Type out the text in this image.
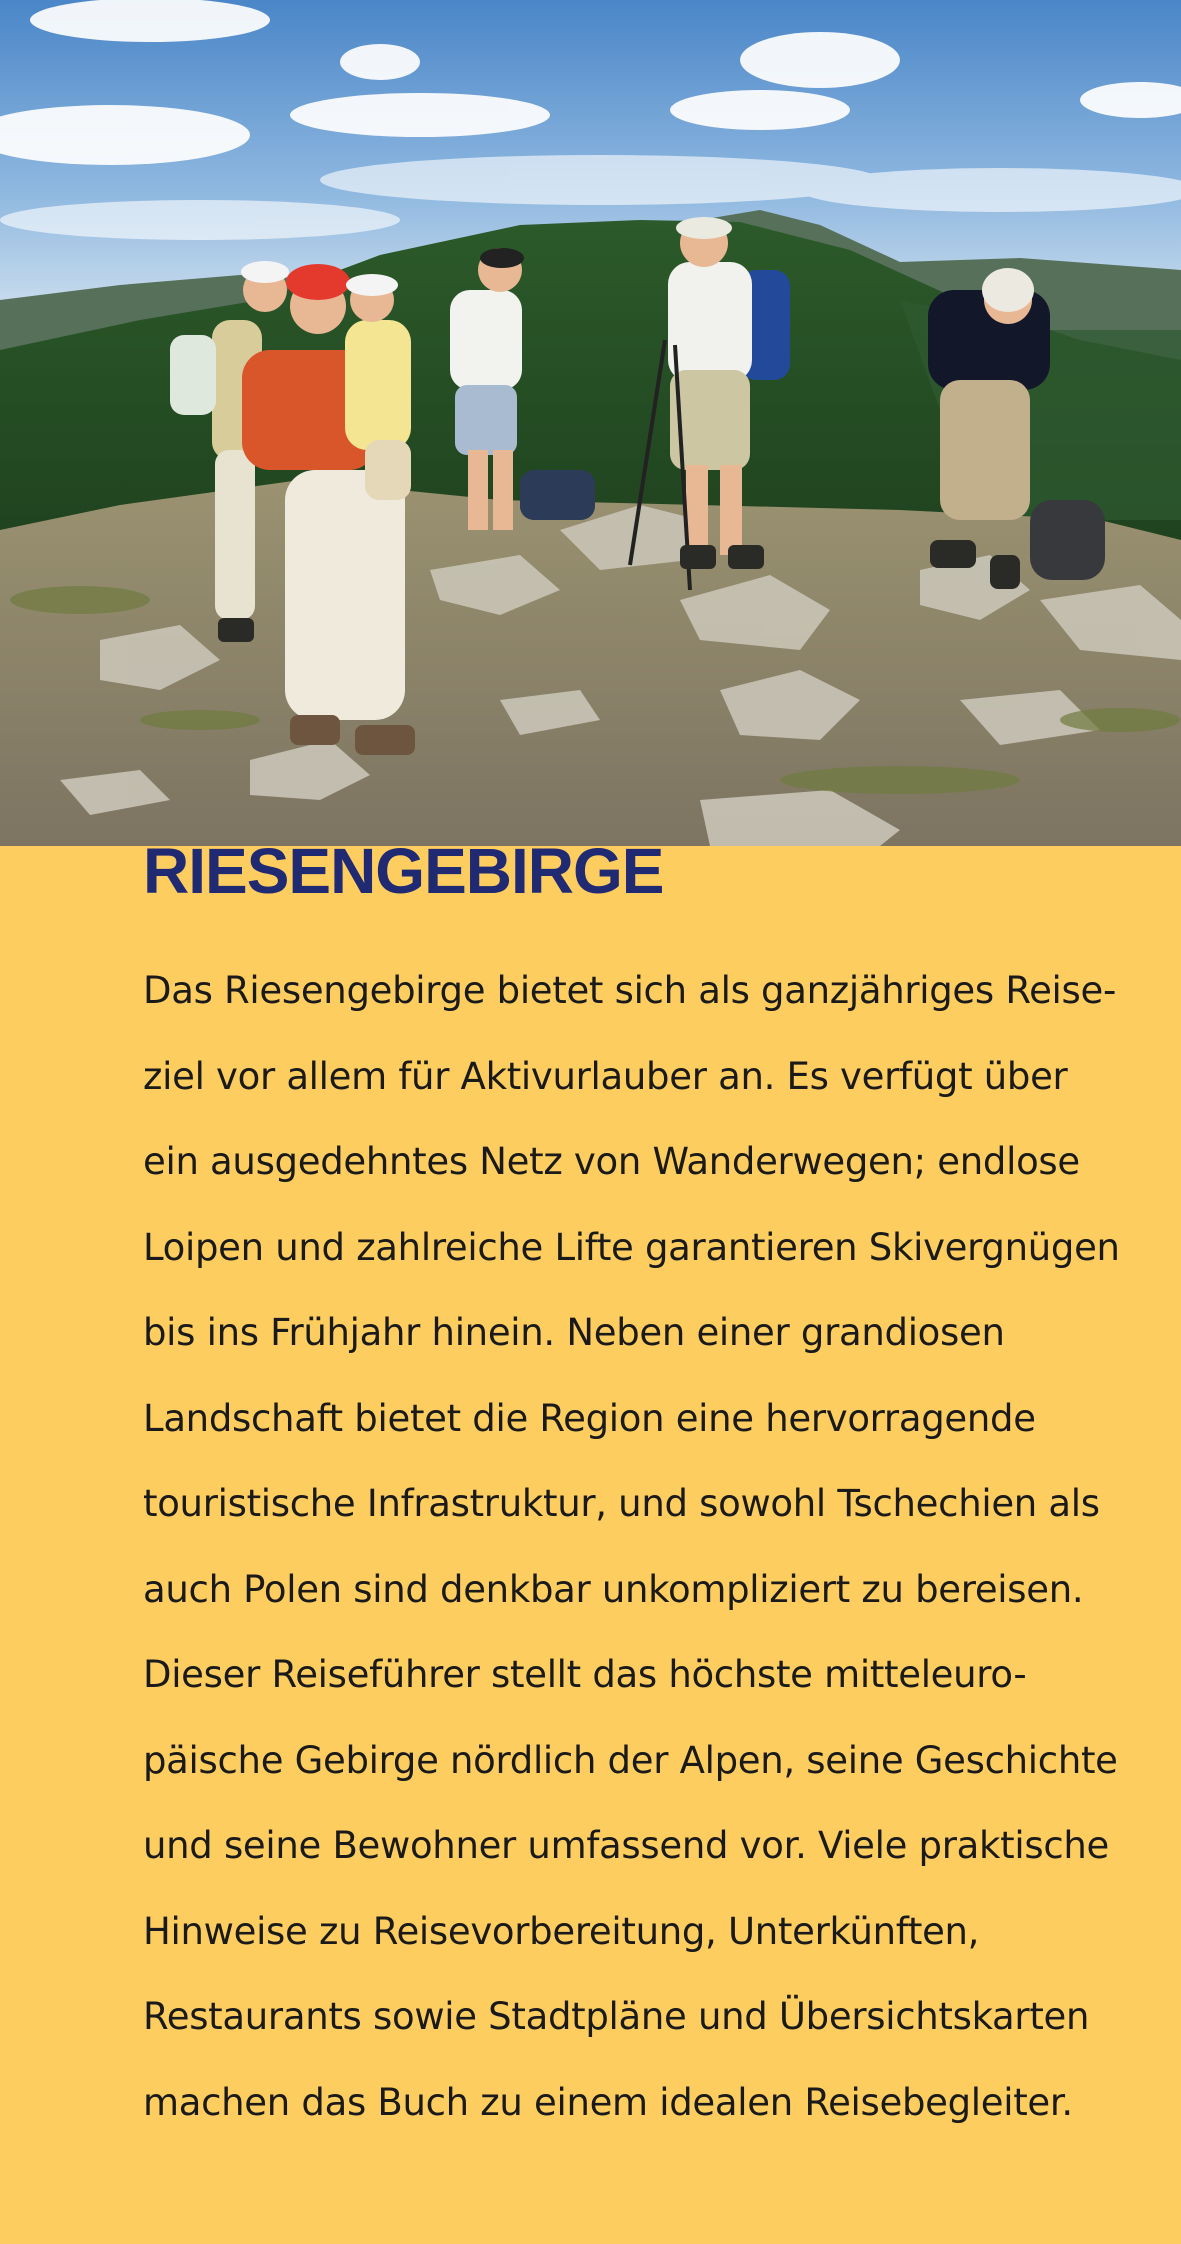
RIESENGEBIRGE
Das Riesengebirge bietet sich als ganzjähriges Reise-
ziel vor allem für Aktivurlauber an. Es verfügt über
ein ausgedehntes Netz von Wanderwegen; endlose
Loipen und zahlreiche Lifte garantieren Skivergnügen
bis ins Frühjahr hinein. Neben einer grandiosen
Landschaft bietet die Region eine hervorragende
touristische Infrastruktur, und sowohl Tschechien als
auch Polen sind denkbar unkompliziert zu bereisen.
Dieser Reiseführer stellt das höchste mitteleuro-
päische Gebirge nördlich der Alpen, seine Geschichte
und seine Bewohner umfassend vor. Viele praktische
Hinweise zu Reisevorbereitung, Unterkünften,
Restaurants sowie Stadtpläne und Übersichtskarten
machen das Buch zu einem idealen Reisebegleiter.
